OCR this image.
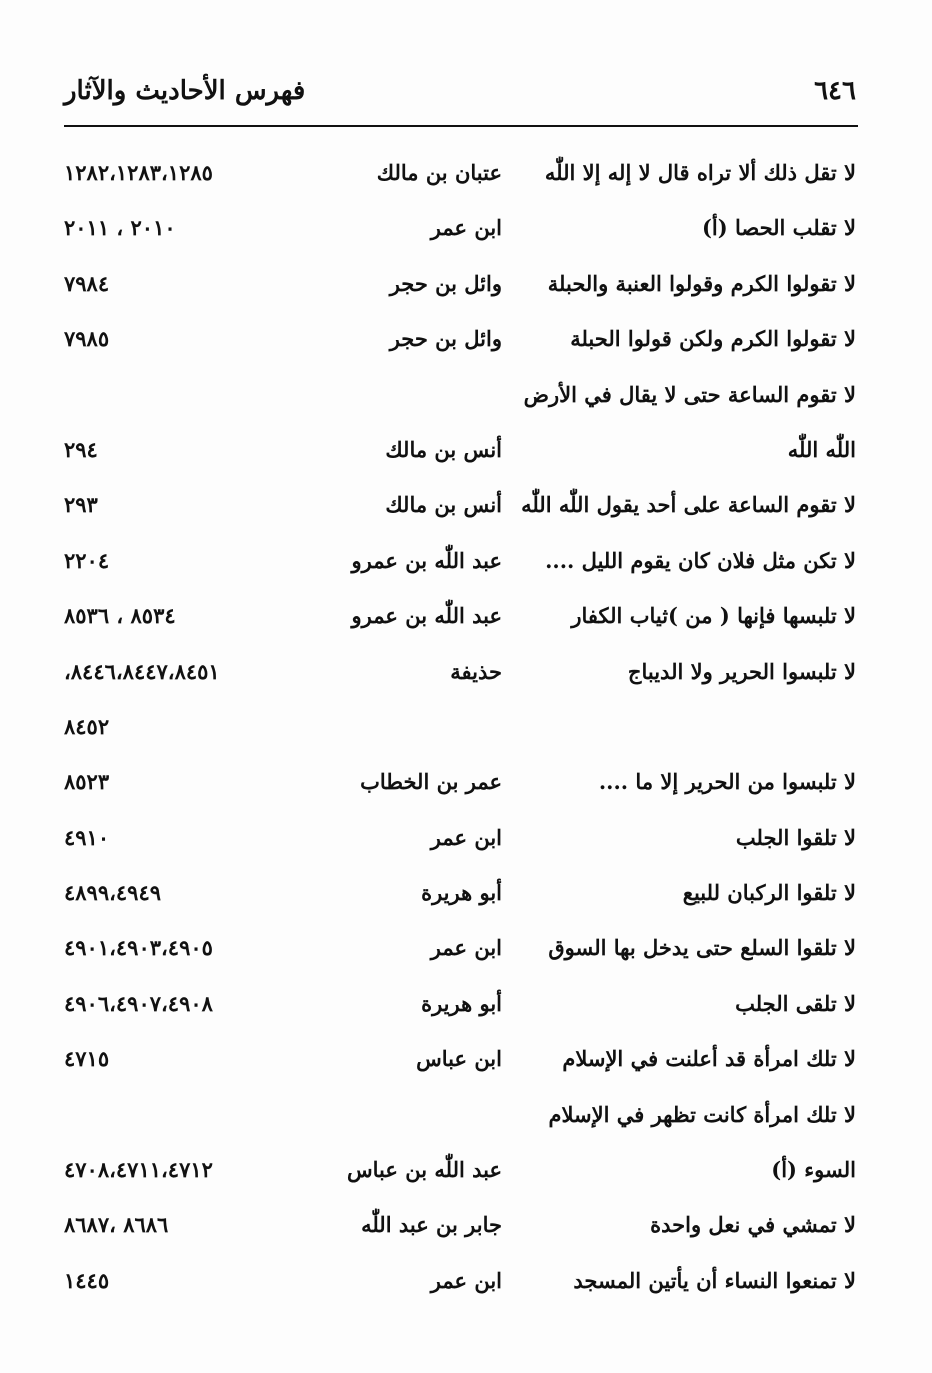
٦٤٦
فهرس الأحاديث والآثار
لا تقل ذلك ألا تراه قال لا إله إلا اللّٰه
عتبان بن مالك
١٢٨٢،١٢٨٣،١٢٨٥
لا تقلب الحصا (أ)
ابن عمر
٢٠١٠ ، ٢٠١١
لا تقولوا الكرم وقولوا العنبة والحبلة
وائل بن حجر
٧٩٨٤
لا تقولوا الكرم ولكن قولوا الحبلة
وائل بن حجر
٧٩٨٥
لا تقوم الساعة حتى لا يقال في الأرض
اللّٰه اللّٰه
أنس بن مالك
٢٩٤
لا تقوم الساعة على أحد يقول اللّٰه اللّٰه
أنس بن مالك
٢٩٣
لا تكن مثل فلان كان يقوم الليل ....
عبد اللّٰه بن عمرو
٢٢٠٤
لا تلبسها فإنها ( من )ثياب الكفار
عبد اللّٰه بن عمرو
٨٥٣٤ ، ٨٥٣٦
لا تلبسوا الحرير ولا الديباج
حذيفة
٨٤٤٦،٨٤٤٧،٨٤٥١،
٨٤٥٢
لا تلبسوا من الحرير إلا ما ....
عمر بن الخطاب
٨٥٢٣
لا تلقوا الجلب
ابن عمر
٤٩١٠
لا تلقوا الركبان للبيع
أبو هريرة
٤٨٩٩،٤٩٤٩
لا تلقوا السلع حتى يدخل بها السوق
ابن عمر
٤٩٠١،٤٩٠٣،٤٩٠٥
لا تلقى الجلب
أبو هريرة
٤٩٠٦،٤٩٠٧،٤٩٠٨
لا تلك امرأة قد أعلنت في الإسلام
ابن عباس
٤٧١٥
لا تلك امرأة كانت تظهر في الإسلام
السوء (أ)
عبد اللّٰه بن عباس
٤٧٠٨،٤٧١١،٤٧١٢
لا تمشي في نعل واحدة
جابر بن عبد اللّٰه
٨٦٨٦ ،٨٦٨٧
لا تمنعوا النساء أن يأتين المسجد
ابن عمر
١٤٤٥
